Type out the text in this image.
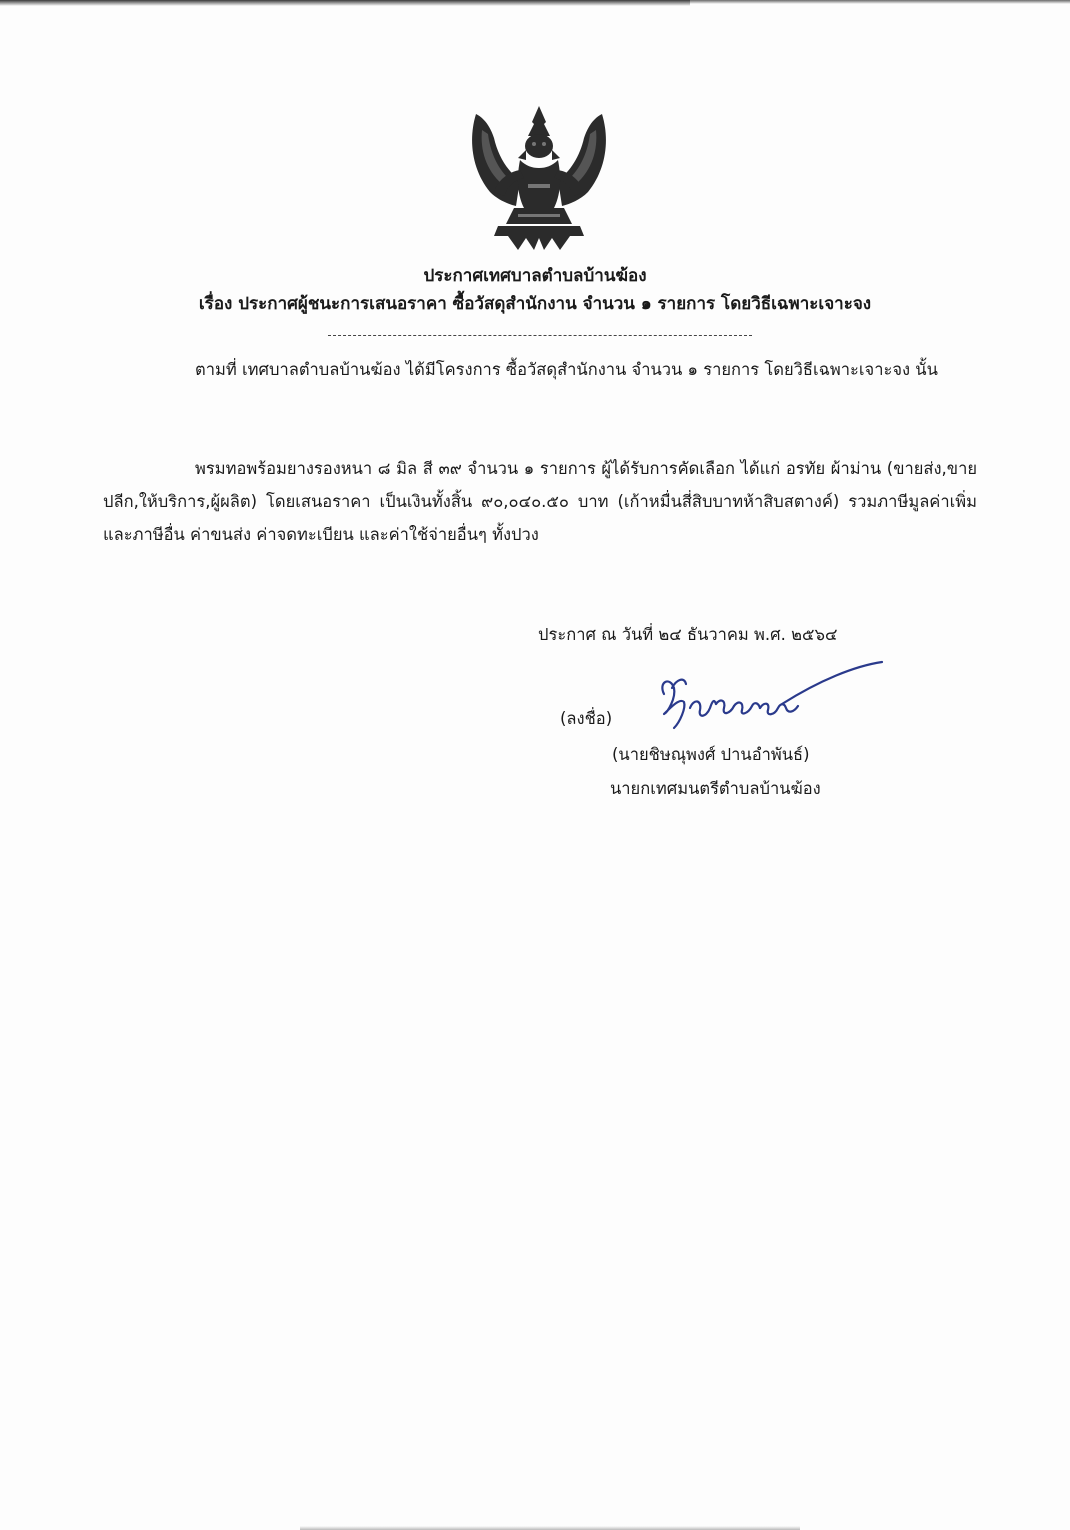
ประกาศเทศบาลตำบลบ้านฆ้อง
เรื่อง ประกาศผู้ชนะการเสนอราคา ซื้อวัสดุสำนักงาน จำนวน ๑ รายการ โดยวิธีเฉพาะเจาะจง
ตามที่ เทศบาลตำบลบ้านฆ้อง ได้มีโครงการ ซื้อวัสดุสำนักงาน จำนวน ๑ รายการ โดยวิธีเฉพาะเจาะจง นั้น
พรมทอพร้อมยางรองหนา ๘ มิล สี ๓๙ จำนวน ๑ รายการ ผู้ได้รับการคัดเลือก ได้แก่ อรทัย ผ้าม่าน (ขายส่ง,ขายปลีก,ให้บริการ,ผู้ผลิต) โดยเสนอราคา เป็นเงินทั้งสิ้น ๙๐,๐๔๐.๕๐ บาท (เก้าหมื่นสี่สิบบาทห้าสิบสตางค์) รวมภาษีมูลค่าเพิ่มและภาษีอื่น ค่าขนส่ง ค่าจดทะเบียน และค่าใช้จ่ายอื่นๆ ทั้งปวง
ประกาศ ณ วันที่ ๒๔ ธันวาคม พ.ศ. ๒๕๖๔
(ลงชื่อ)
(นายชิษณุพงศ์ ปานอำพันธ์)
นายกเทศมนตรีตำบลบ้านฆ้อง
